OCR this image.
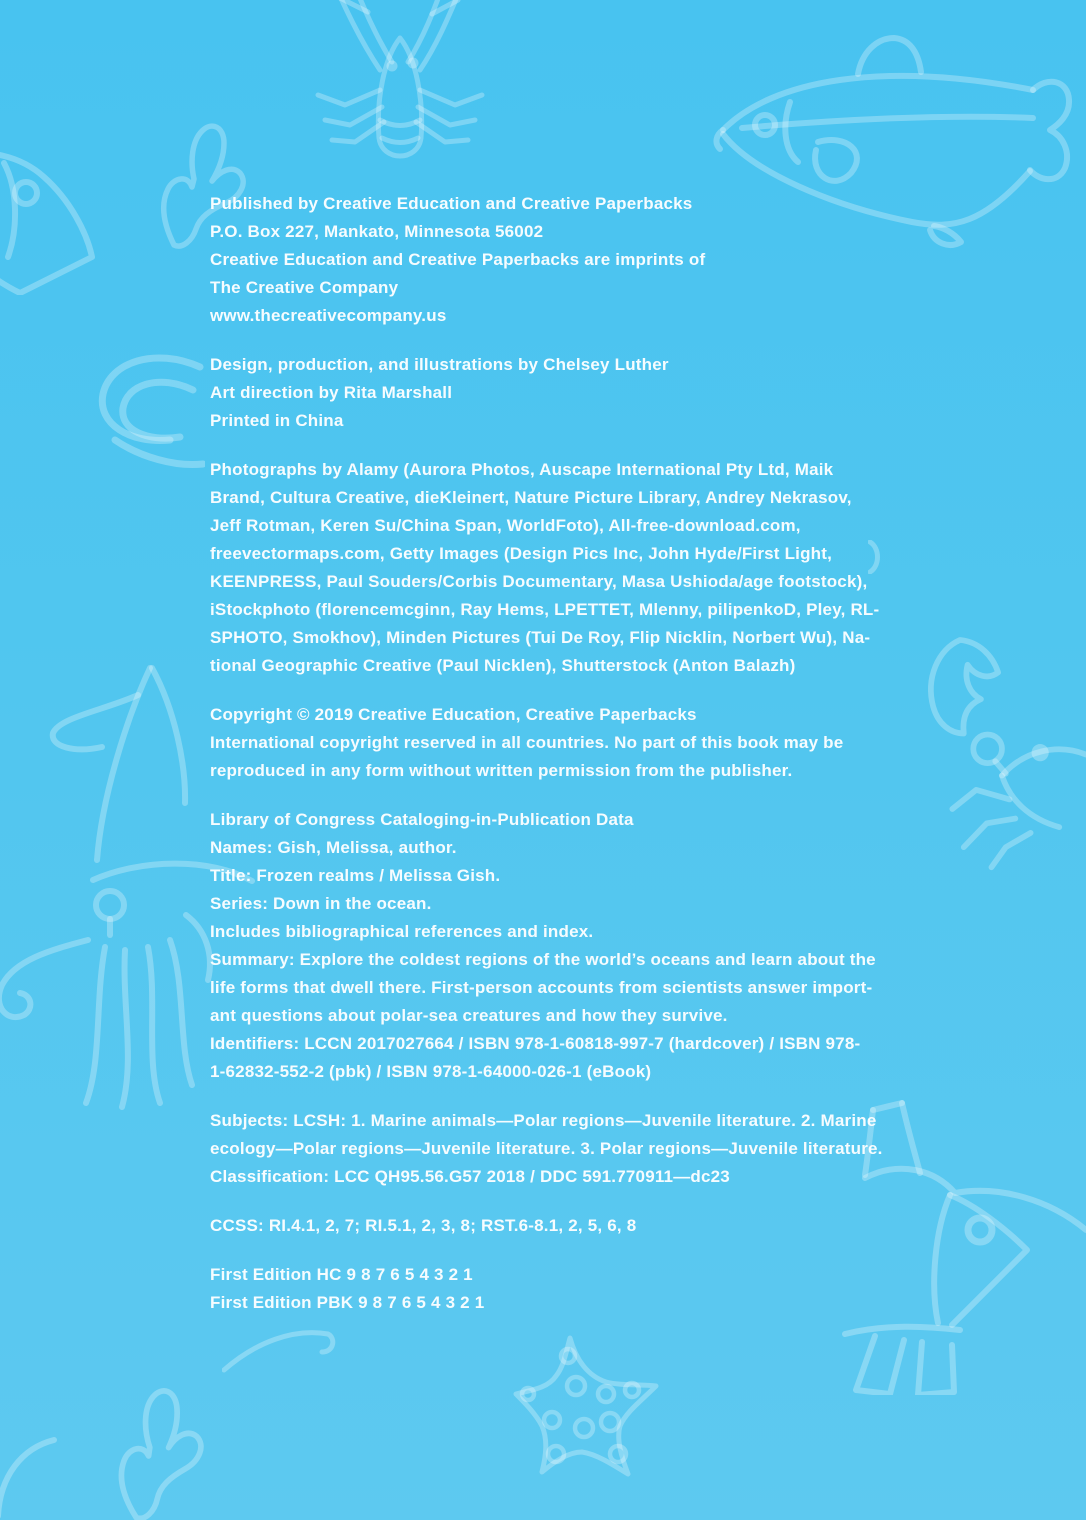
Published by Creative Education and Creative Paperbacks
P.O. Box 227, Mankato, Minnesota 56002
Creative Education and Creative Paperbacks are imprints of
The Creative Company
www.thecreativecompany.us
Design, production, and illustrations by Chelsey Luther
Art direction by Rita Marshall
Printed in China
Photographs by Alamy (Aurora Photos, Auscape International Pty Ltd, Maik
Brand, Cultura Creative, dieKleinert, Nature Picture Library, Andrey Nekrasov,
Jeff Rotman, Keren Su/China Span, WorldFoto), All-free-download.com,
freevectormaps.com, Getty Images (Design Pics Inc, John Hyde/First Light,
KEENPRESS, Paul Souders/Corbis Documentary, Masa Ushioda/age footstock),
iStockphoto (florencemcginn, Ray Hems, LPETTET, Mlenny, pilipenkoD, Pley, RL-
SPHOTO, Smokhov), Minden Pictures (Tui De Roy, Flip Nicklin, Norbert Wu), Na-
tional Geographic Creative (Paul Nicklen), Shutterstock (Anton Balazh)
Copyright © 2019 Creative Education, Creative Paperbacks
International copyright reserved in all countries. No part of this book may be
reproduced in any form without written permission from the publisher.
Library of Congress Cataloging-in-Publication Data
Names: Gish, Melissa, author.
Title: Frozen realms / Melissa Gish.
Series: Down in the ocean.
Includes bibliographical references and index.
Summary: Explore the coldest regions of the world’s oceans and learn about the
life forms that dwell there. First-person accounts from scientists answer import-
ant questions about polar-sea creatures and how they survive.
Identifiers: LCCN 2017027664 / ISBN 978-1-60818-997-7 (hardcover) / ISBN 978-
1-62832-552-2 (pbk) / ISBN 978-1-64000-026-1 (eBook)
Subjects: LCSH: 1. Marine animals—Polar regions—Juvenile literature. 2. Marine
ecology—Polar regions—Juvenile literature. 3. Polar regions—Juvenile literature.
Classification: LCC QH95.56.G57 2018 / DDC 591.770911—dc23
CCSS: RI.4.1, 2, 7; RI.5.1, 2, 3, 8; RST.6-8.1, 2, 5, 6, 8
First Edition HC 9 8 7 6 5 4 3 2 1
First Edition PBK 9 8 7 6 5 4 3 2 1
